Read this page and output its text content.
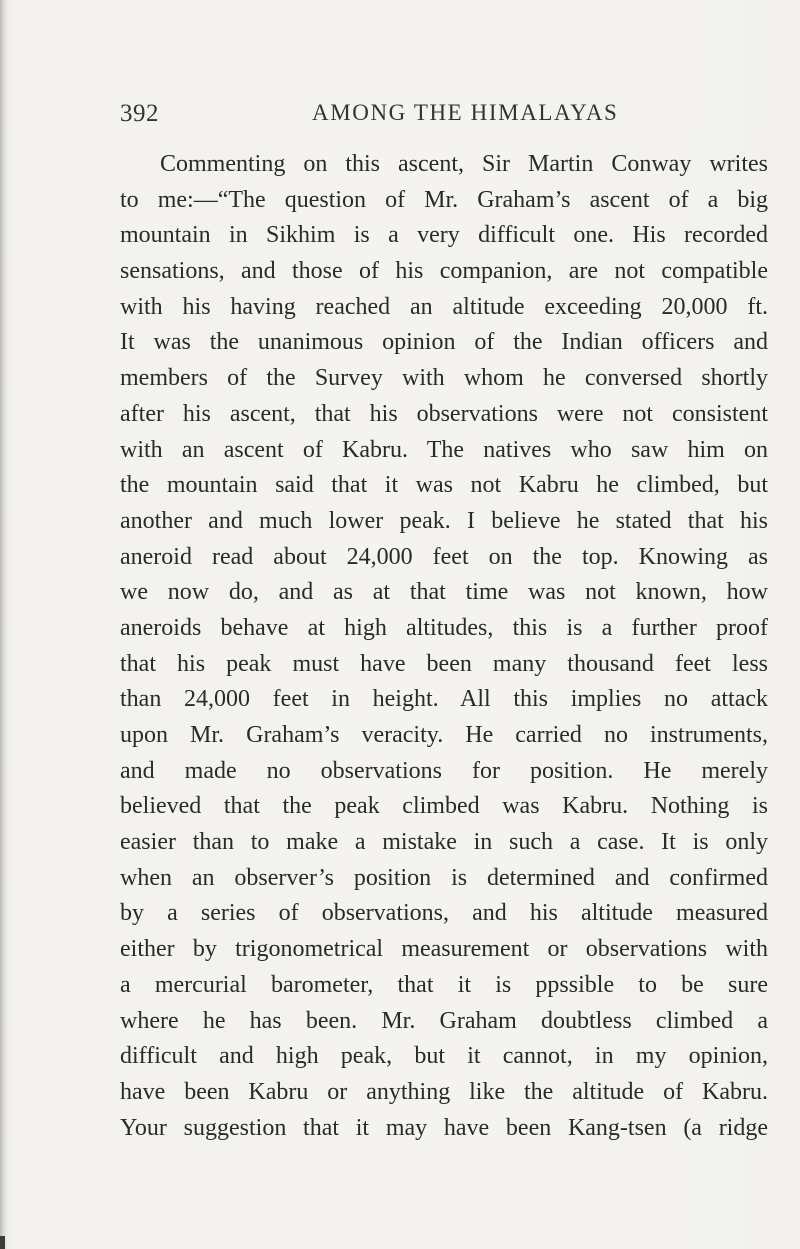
392	AMONG THE HIMALAYAS
Commenting on this ascent, Sir Martin Conway writes
to me:—“The question of Mr. Graham’s ascent of a big
mountain in Sikhim is a very difficult one. His recorded
sensations, and those of his companion, are not compatible
with his having reached an altitude exceeding 20,000 ft.
It was the unanimous opinion of the Indian officers and
members of the Survey with whom he conversed shortly
after his ascent, that his observations were not consistent
with an ascent of Kabru. The natives who saw him on
the mountain said that it was not Kabru he climbed, but
another and much lower peak. I believe he stated that his
aneroid read about 24,000 feet on the top. Knowing as
we now do, and as at that time was not known, how
aneroids behave at high altitudes, this is a further proof
that his peak must have been many thousand feet less
than 24,000 feet in height. All this implies no attack
upon Mr. Graham’s veracity. He carried no instruments,
and made no observations for position. He merely
believed that the peak climbed was Kabru. Nothing is
easier than to make a mistake in such a case. It is only
when an observer’s position is determined and confirmed
by a series of observations, and his altitude measured
either by trigonometrical measurement or observations with
a mercurial barometer, that it is ppssible to be sure
where he has been. Mr. Graham doubtless climbed a
difficult and high peak, but it cannot, in my opinion,
have been Kabru or anything like the altitude of Kabru.
Your suggestion that it may have been Kang-tsen (a ridge
